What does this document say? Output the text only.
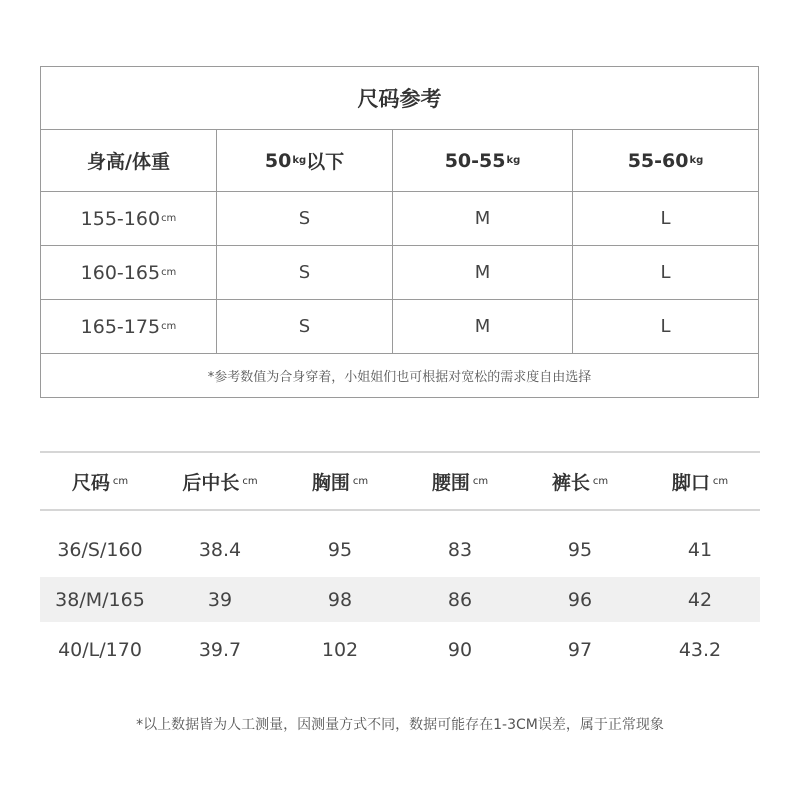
尺码参考
身高/体重	50 kg 以下	50-55 kg	55-60 kg
155-160 cm	S	M	L
160-165 cm	S	M	L
165-175 cm	S	M	L
*参考数值为合身穿着，小姐姐们也可根据对宽松的需求度自由选择
尺码 cm	后中长 cm	胸围 cm	腰围 cm	裤长 cm	脚口 cm
36/S/160	38.4	95	83	95	41
38/M/165	39	98	86	96	42
40/L/170	39.7	102	90	97	43.2
*以上数据皆为人工测量，因测量方式不同，数据可能存在1-3CM误差，属于正常现象
